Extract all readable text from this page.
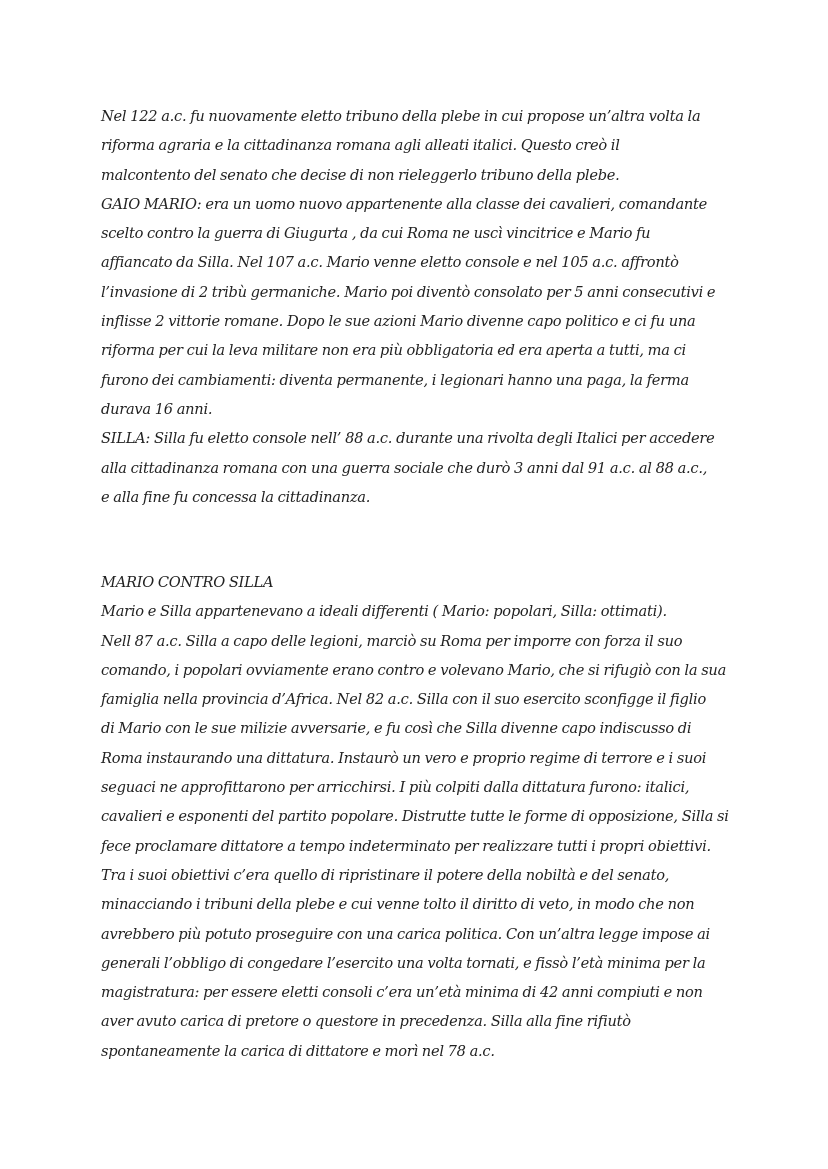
Nel 122 a.c. fu nuovamente eletto tribuno della plebe in cui propose un’altra volta la
riforma agraria e la cittadinanza romana agli alleati italici. Questo creò il
malcontento del senato che decise di non rieleggerlo tribuno della plebe.
GAIO MARIO: era un uomo nuovo appartenente alla classe dei cavalieri, comandante
scelto contro la guerra di Giugurta , da cui Roma ne uscì vincitrice e Mario fu
affiancato da Silla. Nel 107 a.c. Mario venne eletto console e nel 105 a.c. affrontò
l’invasione di 2 tribù germaniche. Mario poi diventò consolato per 5 anni consecutivi e
inflisse 2 vittorie romane. Dopo le sue azioni Mario divenne capo politico e ci fu una
riforma per cui la leva militare non era più obbligatoria ed era aperta a tutti, ma ci
furono dei cambiamenti: diventa permanente, i legionari hanno una paga, la ferma
durava 16 anni.
SILLA: Silla fu eletto console nell’ 88 a.c. durante una rivolta degli Italici per accedere
alla cittadinanza romana con una guerra sociale che durò 3 anni dal 91 a.c. al 88 a.c.,
e alla fine fu concessa la cittadinanza.
MARIO CONTRO SILLA
Mario e Silla appartenevano a ideali differenti ( Mario: popolari, Silla: ottimati).
Nell 87 a.c. Silla a capo delle legioni, marciò su Roma per imporre con forza il suo
comando, i popolari ovviamente erano contro e volevano Mario, che si rifugiò con la sua
famiglia nella provincia d’Africa. Nel 82 a.c. Silla con il suo esercito sconfigge il figlio
di Mario con le sue milizie avversarie, e fu così che Silla divenne capo indiscusso di
Roma instaurando una dittatura. Instaurò un vero e proprio regime di terrore e i suoi
seguaci ne approfittarono per arricchirsi. I più colpiti dalla dittatura furono: italici,
cavalieri e esponenti del partito popolare. Distrutte tutte le forme di opposizione, Silla si
fece proclamare dittatore a tempo indeterminato per realizzare tutti i propri obiettivi.
Tra i suoi obiettivi c’era quello di ripristinare il potere della nobiltà e del senato,
minacciando i tribuni della plebe e cui venne tolto il diritto di veto, in modo che non
avrebbero più potuto proseguire con una carica politica. Con un’altra legge impose ai
generali l’obbligo di congedare l’esercito una volta tornati, e fissò l’età minima per la
magistratura: per essere eletti consoli c’era un’età minima di 42 anni compiuti e non
aver avuto carica di pretore o questore in precedenza. Silla alla fine rifiutò
spontaneamente la carica di dittatore e morì nel 78 a.c.
